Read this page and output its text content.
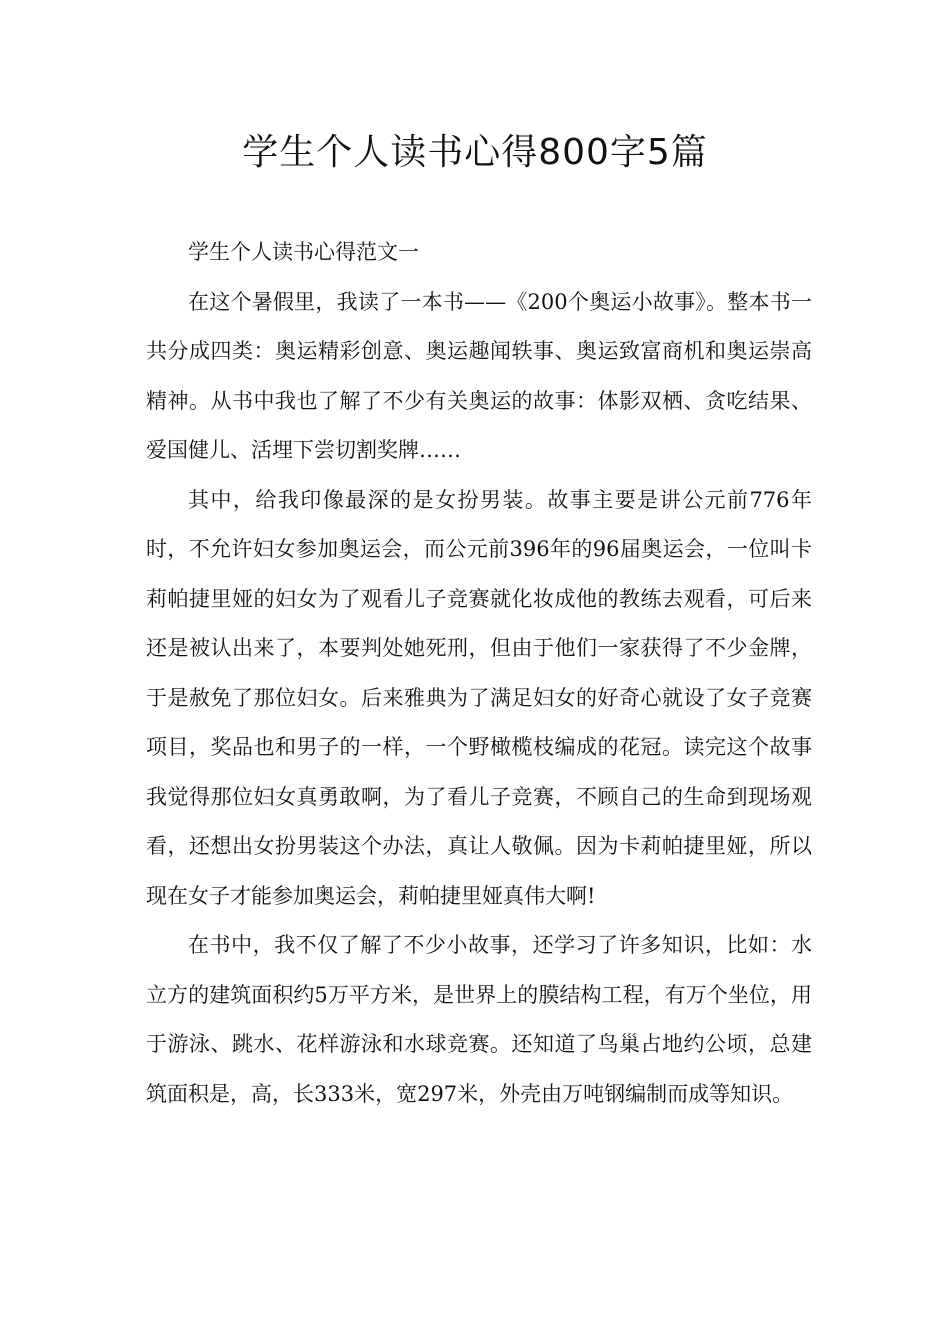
学生个人读书心得800字5篇

学生个人读书心得范文一

在这个暑假里，我读了一本书——《200个奥运小故事》。整本书一共分成四类：奥运精彩创意、奥运趣闻轶事、奥运致富商机和奥运崇高精神。从书中我也了解了不少有关奥运的故事：体影双栖、贪吃结果、爱国健儿、活埋下尝切割奖牌……

其中，给我印像最深的是女扮男装。故事主要是讲公元前776年时，不允许妇女参加奥运会，而公元前396年的96届奥运会，一位叫卡莉帕捷里娅的妇女为了观看儿子竞赛就化妆成他的教练去观看，可后来还是被认出来了，本要判处她死刑，但由于他们一家获得了不少金牌，于是赦免了那位妇女。后来雅典为了满足妇女的好奇心就设了女子竞赛项目，奖品也和男子的一样，一个野橄榄枝编成的花冠。读完这个故事我觉得那位妇女真勇敢啊，为了看儿子竞赛，不顾自己的生命到现场观看，还想出女扮男装这个办法，真让人敬佩。因为卡莉帕捷里娅，所以现在女子才能参加奥运会，莉帕捷里娅真伟大啊!

在书中，我不仅了解了不少小故事，还学习了许多知识，比如：水立方的建筑面积约5万平方米，是世界上的膜结构工程，有万个坐位，用于游泳、跳水、花样游泳和水球竞赛。还知道了鸟巢占地约公顷，总建筑面积是，高，长333米，宽297米，外壳由万吨钢编制而成等知识。
